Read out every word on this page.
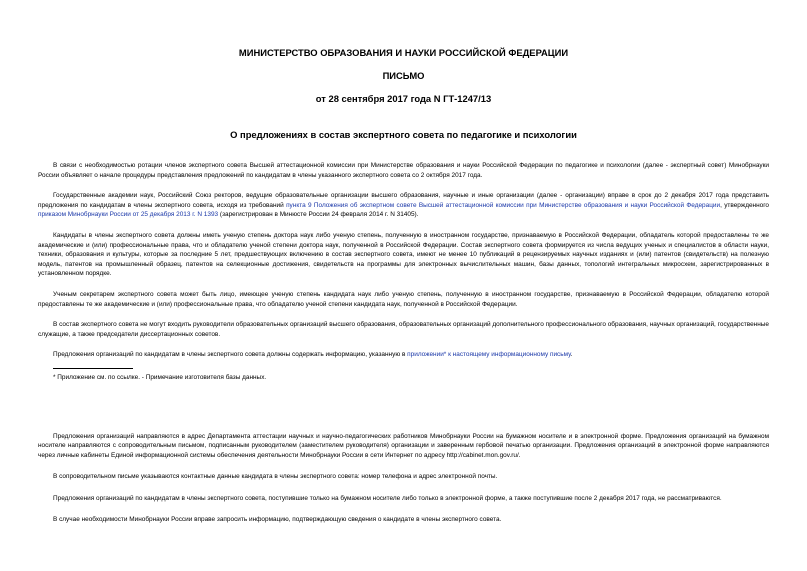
МИНИСТЕРСТВО ОБРАЗОВАНИЯ И НАУКИ РОССИЙСКОЙ ФЕДЕРАЦИИ

ПИСЬМО

от 28 сентября 2017 года N ГТ-1247/13

О предложениях в состав экспертного совета по педагогике и психологии

В связи с необходимостью ротации членов экспертного совета Высшей аттестационной комиссии при Министерстве образования и науки Российской Федерации по педагогике и психологии (далее - экспертный совет) Минобрнауки России объявляет о начале процедуры представления предложений по кандидатам в члены указанного экспертного совета со 2 октября 2017 года.

Государственные академии наук, Российский Союз ректоров, ведущие образовательные организации высшего образования, научные и иные организации (далее - организации) вправе в срок до 2 декабря 2017 года представить предложения по кандидатам в члены экспертного совета, исходя из требований пункта 9 Положения об экспертном совете Высшей аттестационной комиссии при Министерстве образования и науки Российской Федерации, утвержденного приказом Минобрнауки России от 25 декабря 2013 г. N 1393 (зарегистрирован в Минюсте России 24 февраля 2014 г. N 31405).

Кандидаты в члены экспертного совета должны иметь ученую степень доктора наук либо ученую степень, полученную в иностранном государстве, признаваемую в Российской Федерации, обладатель которой предоставлены те же академические и (или) профессиональные права, что и обладателю ученой степени доктора наук, полученной в Российской Федерации. Состав экспертного совета формируется из числа ведущих ученых и специалистов в области науки, техники, образования и культуры, которые за последние 5 лет, предшествующих включению в состав экспертного совета, имеют не менее 10 публикаций в рецензируемых научных изданиях и (или) патентов (свидетельств) на полезную модель, патентов на промышленный образец, патентов на селекционные достижения, свидетельств на программы для электронных вычислительных машин, базы данных, топологий интегральных микросхем, зарегистрированных в установленном порядке.

Ученым секретарем экспертного совета может быть лицо, имеющее ученую степень кандидата наук либо ученую степень, полученную в иностранном государстве, признаваемую в Российской Федерации, обладателю которой предоставлены те же академические и (или) профессиональные права, что обладателю ученой степени кандидата наук, полученной в Российской Федерации.

В состав экспертного совета не могут входить руководители образовательных организаций высшего образования, образовательных организаций дополнительного профессионального образования, научных организаций, государственные служащие, а также председатели диссертационных советов.

Предложения организаций по кандидатам в члены экспертного совета должны содержать информацию, указанную в приложении* к настоящему информационному письму.

* Приложение см. по ссылке. - Примечание изготовителя базы данных.

Предложения организаций направляются в адрес Департамента аттестации научных и научно-педагогических работников Минобрнауки России на бумажном носителе и в электронной форме. Предложения организаций на бумажном носителе направляются с сопроводительным письмом, подписанным руководителем (заместителем руководителя) организации и заверенным гербовой печатью организации. Предложения организаций в электронной форме направляются через личные кабинеты Единой информационной системы обеспечения деятельности Минобрнауки России в сети Интернет по адресу http://cabinet.mon.gov.ru/.

В сопроводительном письме указываются контактные данные кандидата в члены экспертного совета: номер телефона и адрес электронной почты.

Предложения организаций по кандидатам в члены экспертного совета, поступившие только на бумажном носителе либо только в электронной форме, а также поступившие после 2 декабря 2017 года, не рассматриваются.

В случае необходимости Минобрнауки России вправе запросить информацию, подтверждающую сведения о кандидате в члены экспертного совета.
